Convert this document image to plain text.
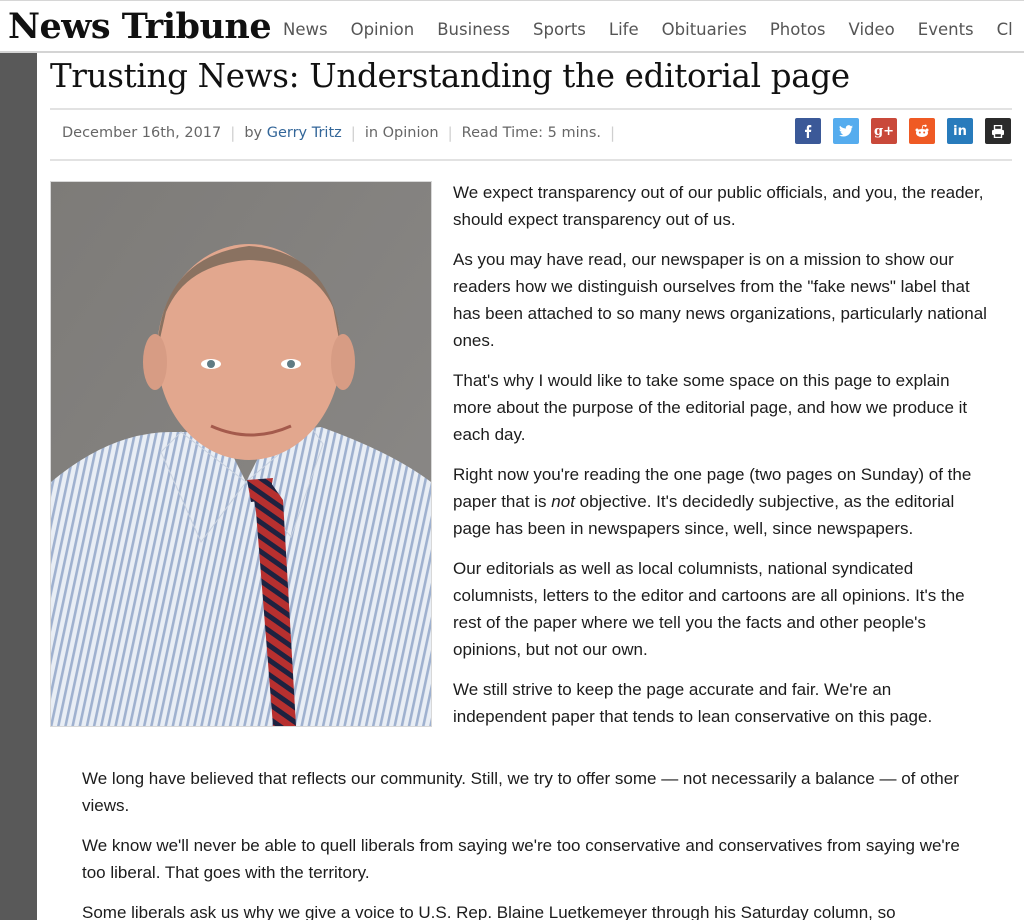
News Tribune News Opinion Business Sports Life Obituaries Photos Video Events Cl
Trusting News: Understanding the editorial page
December 16th, 2017 | by
Gerry Tritz | in
Opinion | Read Time: 5 mins. |	g+	in

We expect transparency out of our public officials, and you, the reader, should expect transparency out of us.

As you may have read, our newspaper is on a mission to show our readers how we distinguish ourselves from the "fake news" label that has been attached to so many news organizations, particularly national ones.

That's why I would like to take some space on this page to explain more about the purpose of the editorial page, and how we produce it each day.

Right now you're reading the one page (two pages on Sunday) of the paper that is not objective. It's decidedly subjective, as the editorial page has been in newspapers since, well, since newspapers.

Our editorials as well as local columnists, national syndicated columnists, letters to the editor and cartoons are all opinions. It's the rest of the paper where we tell you the facts and other people's opinions, but not our own.

We still strive to keep the page accurate and fair. We're an
independent paper that tends to lean conservative on this page.

We long have believed that reflects our community. Still, we try to offer some — not necessarily a balance — of other views.

We know we'll never be able to quell liberals from saying we're too conservative and conservatives from saying we're too liberal. That goes with the territory.

Some liberals ask us why we give a voice to U.S. Rep. Blaine Luetkemeyer through his Saturday column, so
